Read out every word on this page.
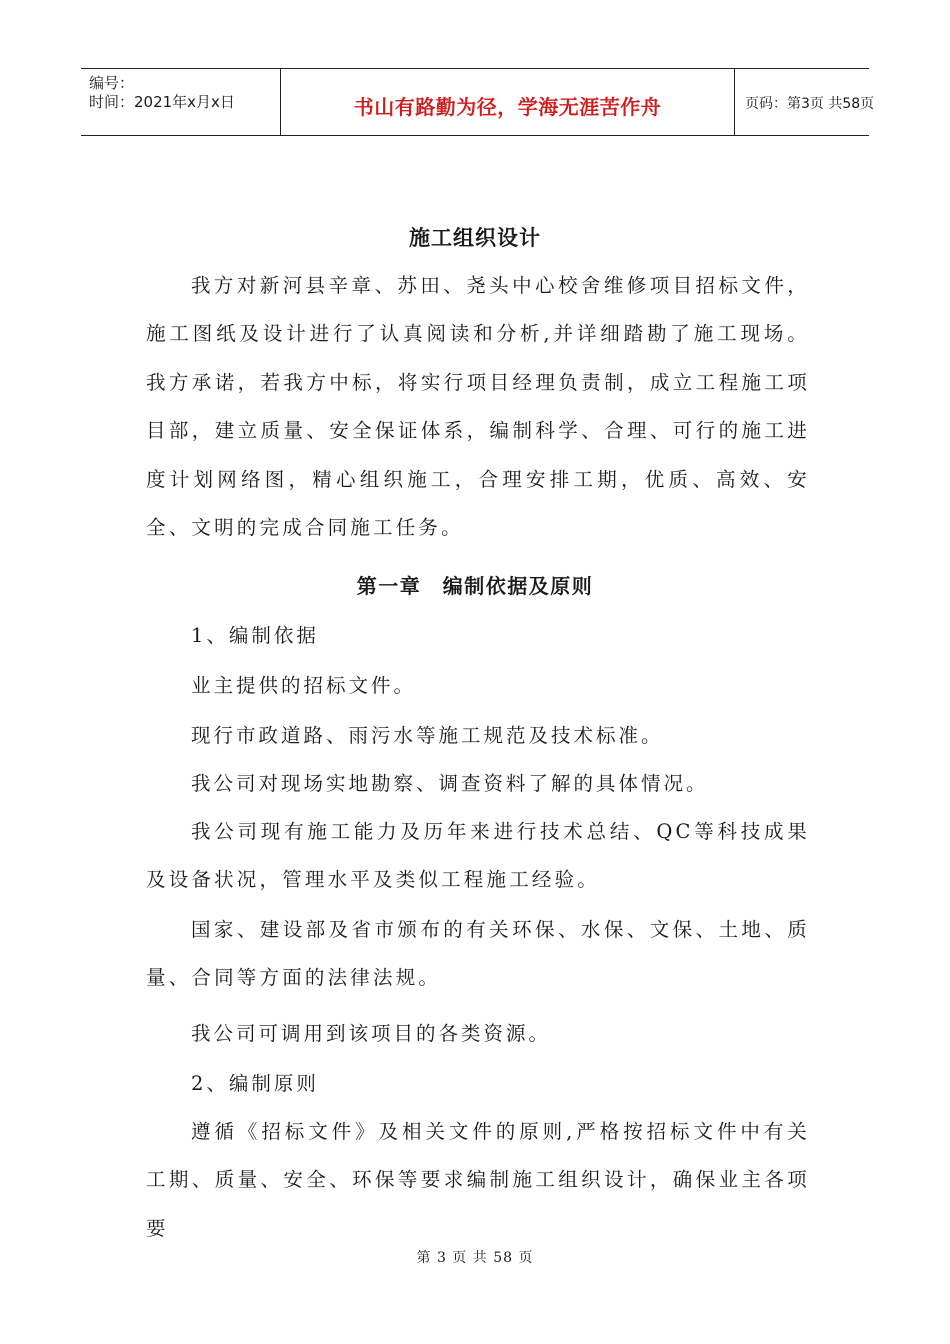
编号：
时间：2021年x月x日	书山有路勤为径，学海无涯苦作舟	页码：第3页 共58页
施工组织设计

我方对新河县辛章、苏田、尧头中心校舍维修项目招标文件，施工图纸及设计进行了认真阅读和分析,并详细踏勘了施工现场。我方承诺，若我方中标，将实行项目经理负责制，成立工程施工项目部，建立质量、安全保证体系，编制科学、合理、可行的施工进度计划网络图，精心组织施工，合理安排工期，优质、高效、安全、文明的完成合同施工任务。

第一章　编制依据及原则
1、编制依据
业主提供的招标文件。
现行市政道路、雨污水等施工规范及技术标准。
我公司对现场实地勘察、调查资料了解的具体情况。

我公司现有施工能力及历年来进行技术总结、QC等科技成果及设备状况，管理水平及类似工程施工经验。

国家、建设部及省市颁布的有关环保、水保、文保、土地、质量、合同等方面的法律法规。

我公司可调用到该项目的各类资源。
2、编制原则

遵循《招标文件》及相关文件的原则,严格按招标文件中有关工期、质量、安全、环保等要求编制施工组织设计，确保业主各项要

第 3 页 共 58 页
